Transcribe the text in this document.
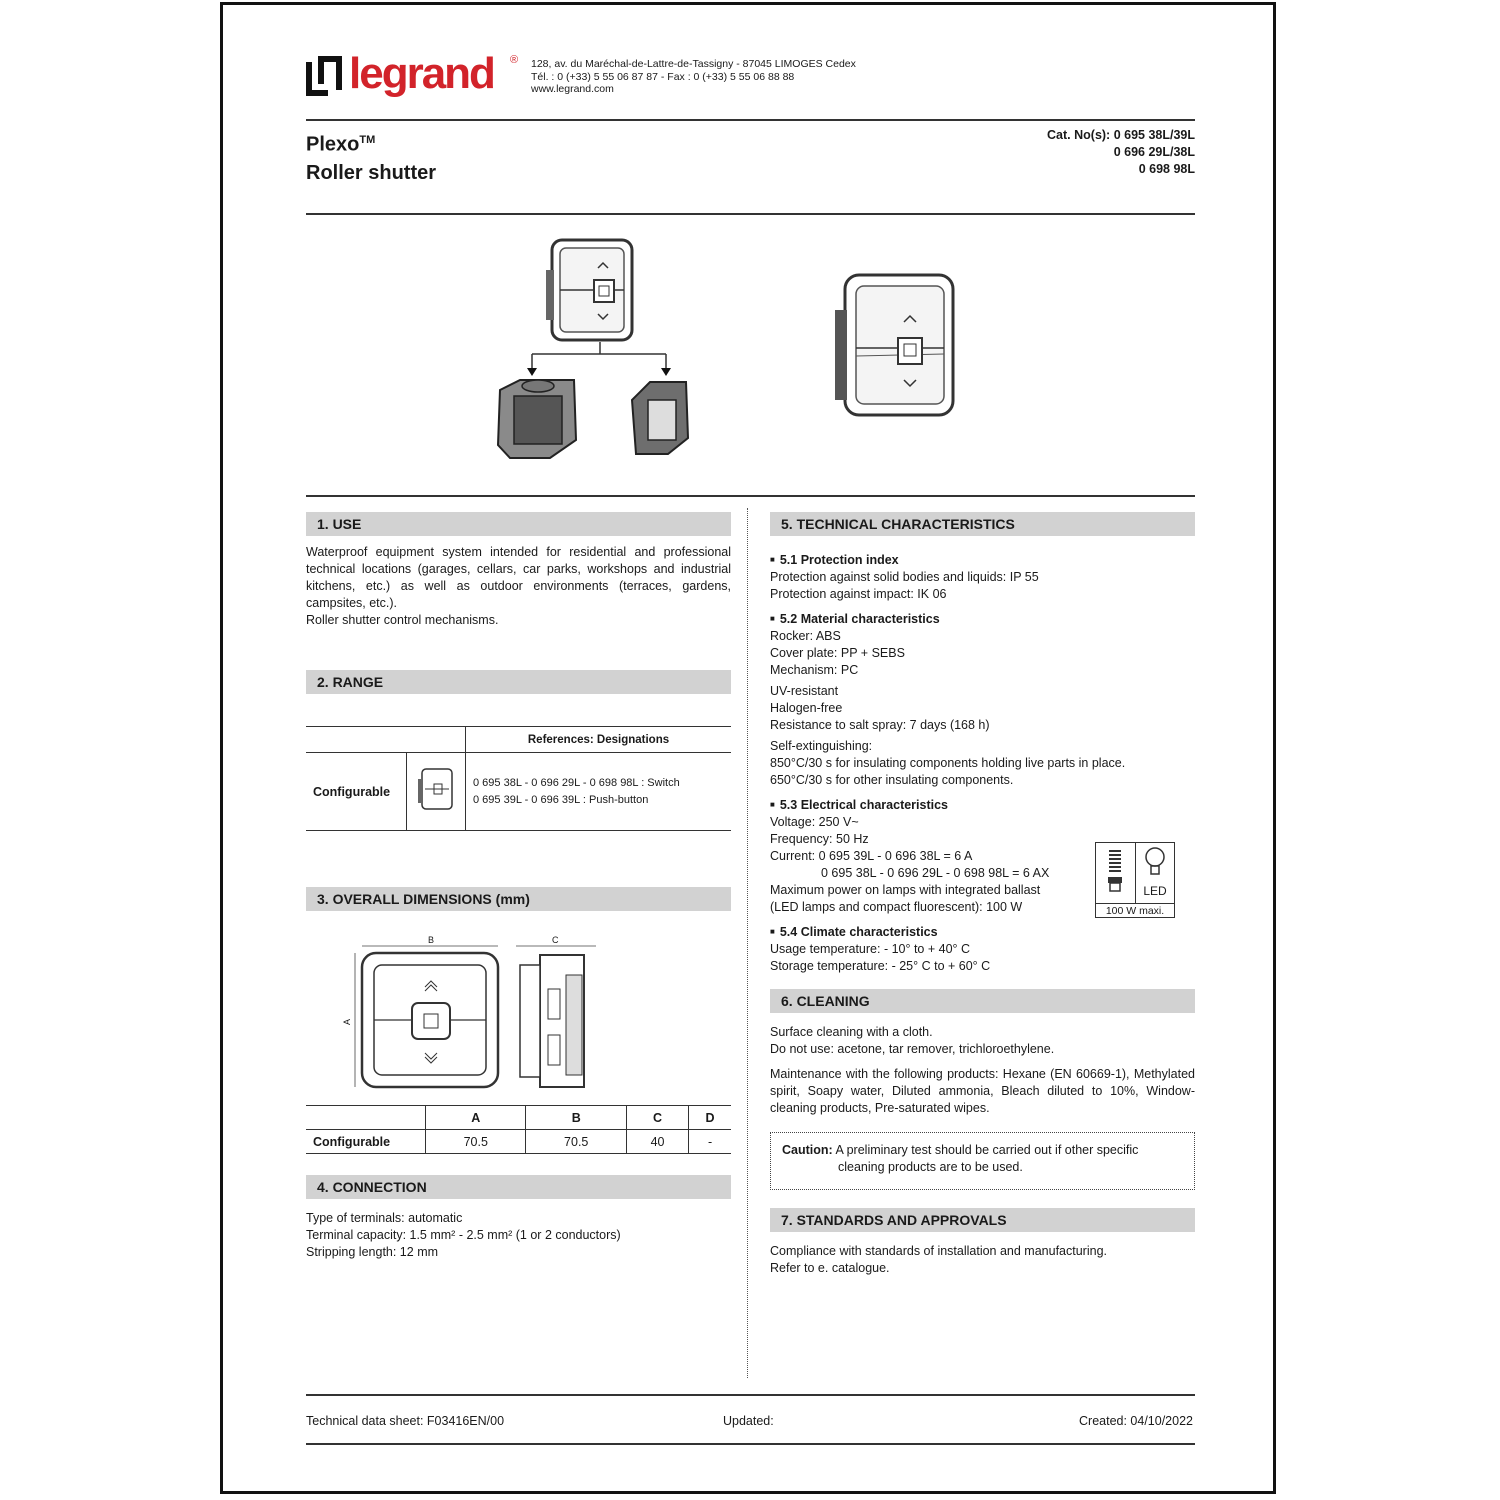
legrand ® 128, av. du Maréchal-de-Lattre-de-Tassigny - 87045 LIMOGES Cedex
Tél. : 0 (+33) 5 55 06 87 87 - Fax : 0 (+33) 5 55 06 88 88
www.legrand.com
Plexo™
Roller shutter
Cat. No(s): 0 695 38L/39L
0 696 29L/38L
0 698 98L
1. USE
Waterproof equipment system intended for residential and professional technical locations (garages, cellars, car parks, workshops and industrial kitchens, etc.) as well as outdoor environments (terraces, gardens, campsites, etc.).
Roller shutter control mechanisms.
2. RANGE
		References: Designations
Configurable		0 695 38L - 0 696 29L - 0 698 98L : Switch
0 695 39L - 0 696 39L : Push-button
3. OVERALL DIMENSIONS (mm)
B	C
A
	A	B	C	D
Configurable	70.5	70.5	40	-
4. CONNECTION
Type of terminals: automatic
Terminal capacity: 1.5 mm² - 2.5 mm² (1 or 2 conductors)
Stripping length: 12 mm
5. TECHNICAL CHARACTERISTICS
■ 5.1 Protection index
Protection against solid bodies and liquids: IP 55
Protection against impact: IK 06
■ 5.2 Material characteristics
Rocker: ABS
Cover plate: PP + SEBS
Mechanism: PC
UV-resistant
Halogen-free
Resistance to salt spray: 7 days (168 h)
Self-extinguishing:
850°C/30 s for insulating components holding live parts in place.
650°C/30 s for other insulating components.
■ 5.3 Electrical characteristics
Voltage: 250 V~
Frequency: 50 Hz
Current: 0 695 39L - 0 696 38L = 6 A
0 695 38L - 0 696 29L - 0 698 98L = 6 AX
Maximum power on lamps with integrated ballast
(LED lamps and compact fluorescent): 100 W
■ 5.4 Climate characteristics
Usage temperature: - 10° to + 40° C
Storage temperature: - 25° C to + 60° C
LED
100 W maxi.
6. CLEANING
Surface cleaning with a cloth.
Do not use: acetone, tar remover, trichloroethylene.
Maintenance with the following products: Hexane (EN 60669-1), Methylated spirit, Soapy water, Diluted ammonia, Bleach diluted to 10%, Window-cleaning products, Pre-saturated wipes.
Caution: A preliminary test should be carried out if other specific
cleaning products are to be used.
7. STANDARDS AND APPROVALS
Compliance with standards of installation and manufacturing.
Refer to e. catalogue.
Technical data sheet: F03416EN/00	Updated:	Created: 04/10/2022
